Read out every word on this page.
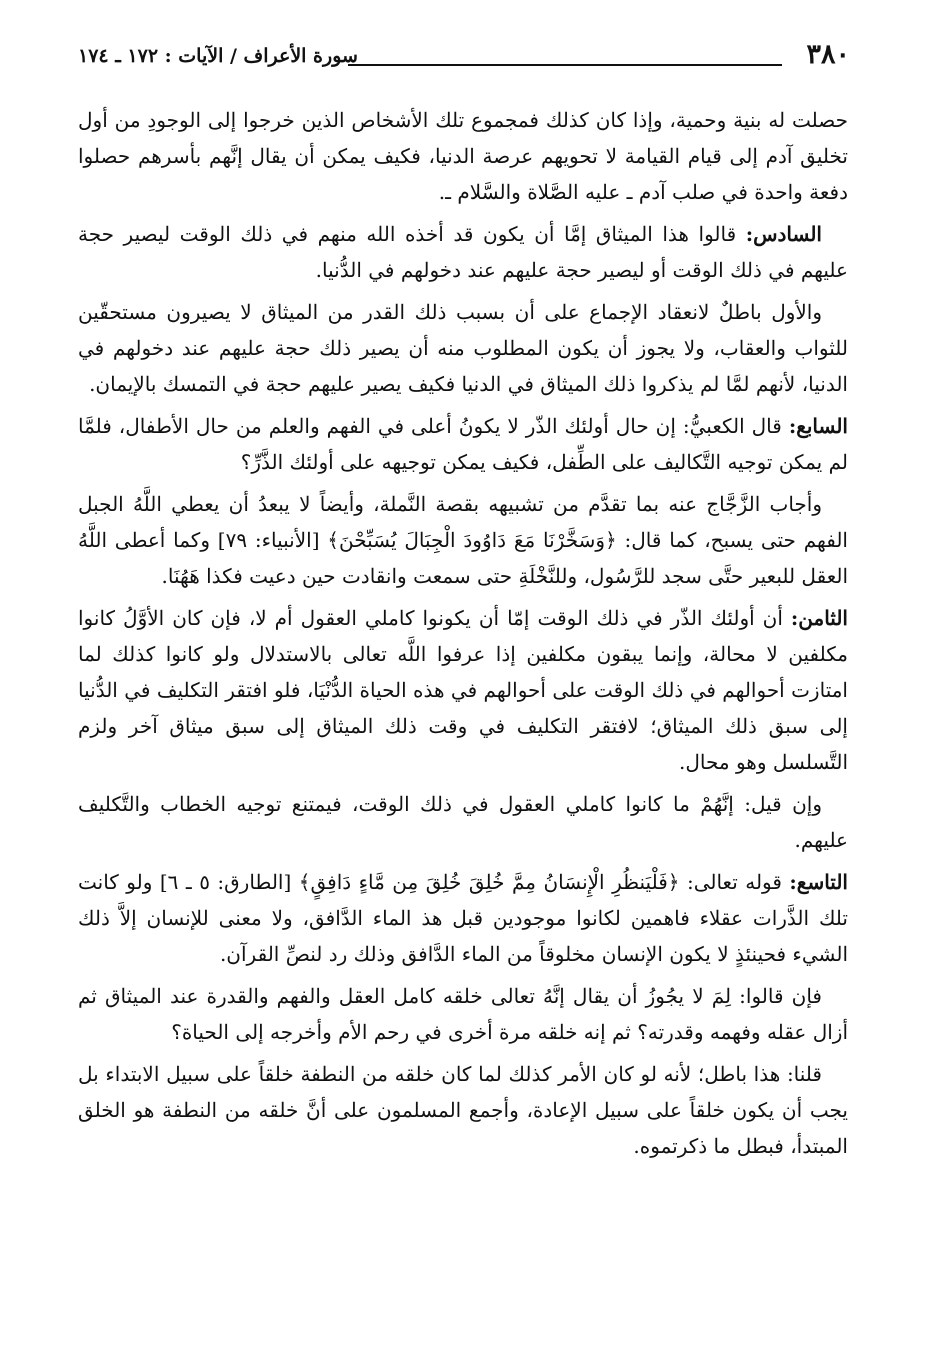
٣٨٠
سورة الأعراف / الآيات : ١٧٢ ـ ١٧٤

حصلت له بنية وحمية، وإذا كان كذلك فمجموع تلك الأشخاص الذين خرجوا إلى الوجودِ من أول تخليق آدم إلى قيام القيامة لا تحويهم عرصة الدنيا، فكيف يمكن أن يقال إنَّهم بأسرهم حصلوا دفعة واحدة في صلب آدم ـ عليه الصَّلاة والسَّلام ـ.

السادس: قالوا هذا الميثاق إمَّا أن يكون قد أخذه الله منهم في ذلك الوقت ليصير حجة عليهم في ذلك الوقت أو ليصير حجة عليهم عند دخولهم في الدُّنيا.

والأول باطلٌ لانعقاد الإجماع على أن بسبب ذلك القدر من الميثاق لا يصيرون مستحقّين للثواب والعقاب، ولا يجوز أن يكون المطلوب منه أن يصير ذلك حجة عليهم عند دخولهم في الدنيا، لأنهم لمَّا لم يذكروا ذلك الميثاق في الدنيا فكيف يصير عليهم حجة في التمسك بالإيمان.

السابع: قال الكعبيُّ: إن حال أولئك الذّر لا يكونُ أعلى في الفهم والعلم من حال الأطفال، فلمَّا لم يمكن توجيه التَّكاليف على الطِّفل، فكيف يمكن توجيهه على أولئك الذَّرِّ؟

وأجاب الزَّجَّاج عنه بما تقدَّم من تشبيهه بقصة النَّملة، وأيضاً لا يبعدُ أن يعطي اللَّهُ الجبل الفهم حتى يسبح، كما قال: ﴿وَسَخَّرْنَا مَعَ دَاوُودَ الْجِبَالَ يُسَبِّحْنَ﴾ [الأنبياء: ٧٩] وكما أعطى اللَّهُ العقل للبعير حتَّى سجد للرَّسُول، وللنَّخْلَةِ حتى سمعت وانقادت حين دعيت فكذا هَهُنَا.

الثامن: أن أولئك الذّر في ذلك الوقت إمّا أن يكونوا كاملي العقول أم لا، فإن كان الأوَّلُ كانوا مكلفين لا محالة، وإنما يبقون مكلفين إذا عرفوا اللَّه تعالى بالاستدلال ولو كانوا كذلك لما امتازت أحوالهم في ذلك الوقت على أحوالهم في هذه الحياة الدُّنْيَا، فلو افتقر التكليف في الدُّنيا إلى سبق ذلك الميثاق؛ لافتقر التكليف في وقت ذلك الميثاق إلى سبق ميثاق آخر ولزم التَّسلسل وهو محال.

وإن قيل: إنَّهُمْ ما كانوا كاملي العقول في ذلك الوقت، فيمتنع توجيه الخطاب والتَّكليف عليهم.

التاسع: قوله تعالى: ﴿فَلْيَنظُرِ الْإِنسَانُ مِمَّ خُلِقَ خُلِقَ مِن مَّاءٍ دَافِقٍ﴾ [الطارق: ٥ ـ ٦] ولو كانت تلك الذَّرات عقلاء فاهمين لكانوا موجودين قبل هذ الماء الدَّافق، ولا معنى للإنسان إلاَّ ذلك الشيء فحينئذٍ لا يكون الإنسان مخلوقاً من الماء الدَّافق وذلك رد لنصِّ القرآن.

فإن قالوا: لِمَ لا يجُوزُ أن يقال إنَّهُ تعالى خلقه كامل العقل والفهم والقدرة عند الميثاق ثم أزال عقله وفهمه وقدرته؟ ثم إنه خلقه مرة أخرى في رحم الأم وأخرجه إلى الحياة؟

قلنا: هذا باطل؛ لأنه لو كان الأمر كذلك لما كان خلقه من النطفة خلقاً على سبيل الابتداء بل يجب أن يكون خلقاً على سبيل الإعادة، وأجمع المسلمون على أنَّ خلقه من النطفة هو الخلق المبتدأ، فبطل ما ذكرتموه.
